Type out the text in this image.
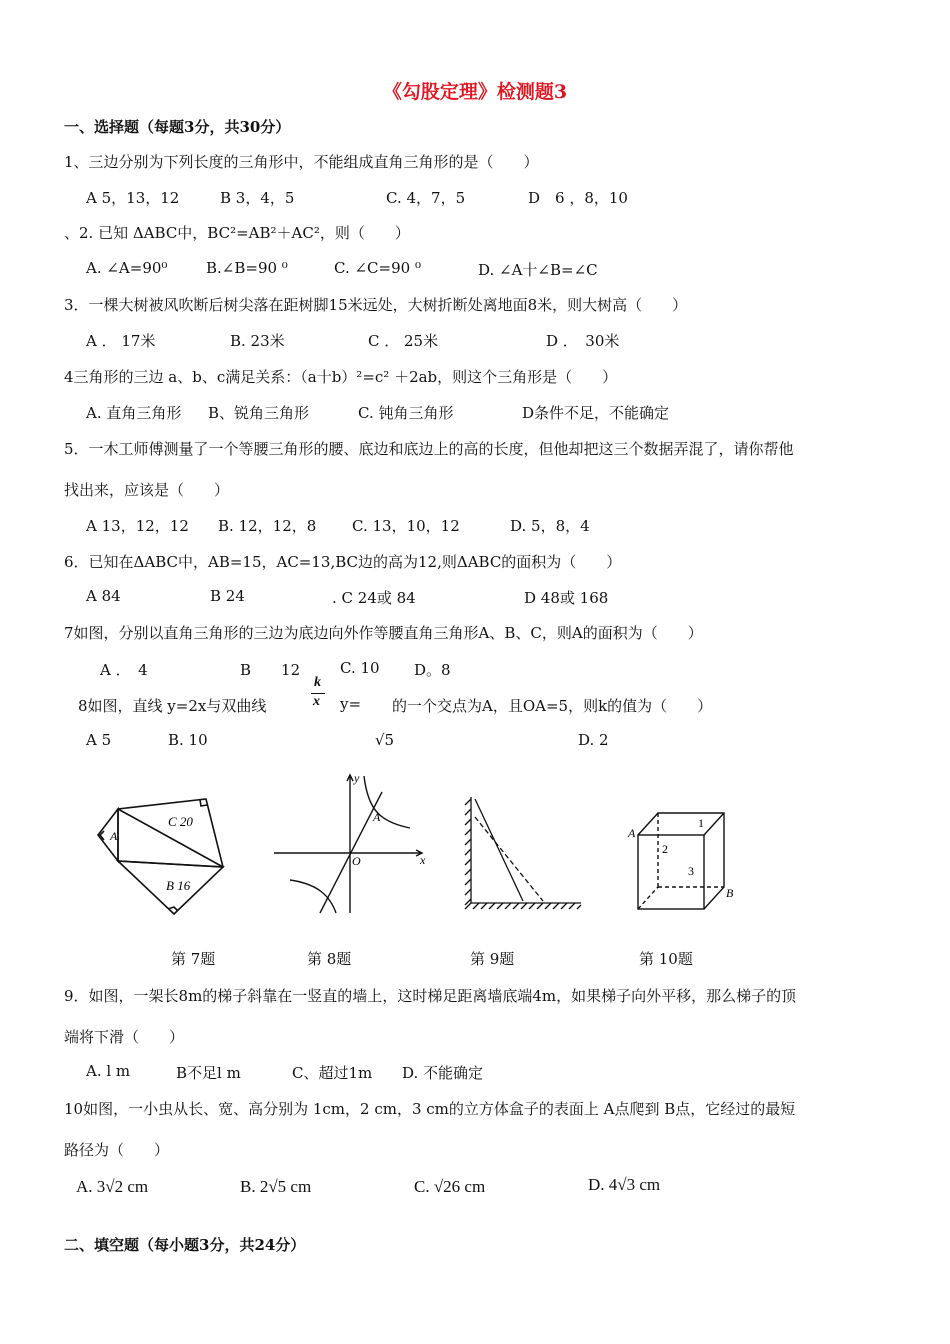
《勾股定理》检测题3
一、选择题（每题3分，共30分）
1、三边分别为下列长度的三角形中，不能组成直角三角形的是（　　）
A 5，13，12	B 3，4，5	C. 4，7，5	D　6 ，8，10
、2. 已知 ΔABC中，BC²=AB²＋AC²，则（　　）
A. ∠A=90⁰	B.∠B=90 ⁰	C. ∠C=90 ⁰	D. ∠A十∠B=∠C
3．一棵大树被风吹断后树尖落在距树脚15米远处，大树折断处离地面8米，则大树高（　　）
A ． 17米	B. 23米	C ． 25米	D ．　30米
4三角形的三边 a、b、c满足关系：（a十b）²=c² ＋2ab，则这个三角形是（　　）
A. 直角三角形 B、锐角三角形	C. 钝角三角形	D条件不足，不能确定
5．一木工师傅测量了一个等腰三角形的腰、底边和底边上的高的长度，但他却把这三个数据弄混了，请你帮他
找出来，应该是（　　）
A 13，12，12 B. 12，12，8 C. 13，10，12	D. 5，8，4
6．已知在ΔABC中，AB=15，AC=13,BC边的高为12,则ΔABC的面积为（　　）
A 84	B 24	. C 24或 84	D 48或 168
7如图，分别以直角三角形的三边为底边向外作等腰直角三角形A、B、C，则A的面积为（　　）
A ．　4	B　　12	C. 10 D。8
8如图，直线 y=2x与双曲线
k
x y= 的一个交点为A，且OA=5，则k的值为（　　）
A 5	B. 10	√5	D. 2
A
C 20
B 16
y
x
O
A
A
B
1
2
3
第 7题	第 8题	第 9题	第 10题
9．如图，一架长8m的梯子斜靠在一竖直的墙上，这时梯足距离墙底端4m，如果梯子向外平移，那么梯子的顶
端将下滑（　　）
A. l m	B不足l m	C、超过1m D. 不能确定
10如图，一小虫从长、宽、高分别为 1cm，2 cm，3 cm的立方体盒子的表面上 A点爬到 B点，它经过的最短
路径为（　　）
A. 3√2 cm	B. 2√5 cm	C. √26 cm	D. 4√3 cm
二、填空题（每小题3分，共24分）
